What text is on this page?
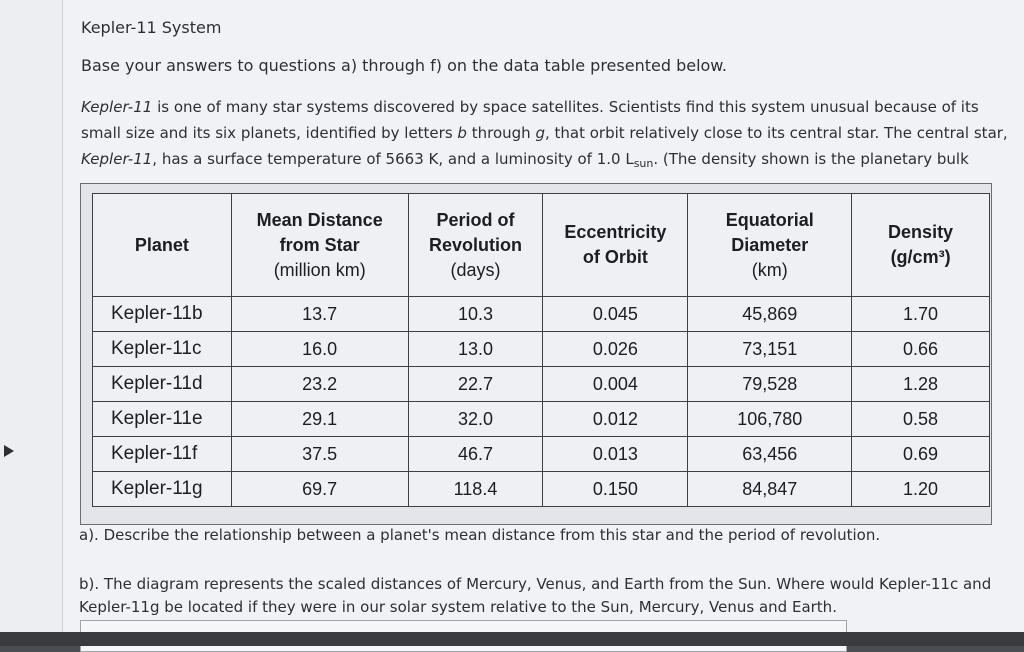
Kepler-11 System
Base your answers to questions a) through f) on the data table presented below.
Kepler-11 is one of many star systems discovered by space satellites. Scientists find this system unusual because of its small size and its six planets, identified by letters b through g, that orbit relatively close to its central star. The central star, Kepler-11, has a surface temperature of 5663 K, and a luminosity of 1.0 $L_{sun}$. (The density shown is the planetary bulk
Planet	Mean Distance
from Star
(million km)	Period of
Revolution
(days)	Eccentricity
of Orbit	Equatorial
Diameter
(km)	Density
(g/cm³)
Kepler-11b	13.7	10.3	0.045	45,869	1.70
Kepler-11c	16.0	13.0	0.026	73,151	0.66
Kepler-11d	23.2	22.7	0.004	79,528	1.28
Kepler-11e	29.1	32.0	0.012	106,780	0.58
Kepler-11f	37.5	46.7	0.013	63,456	0.69
Kepler-11g	69.7	118.4	0.150	84,847	1.20
a). Describe the relationship between a planet's mean distance from this star and the period of revolution.
b). The diagram represents the scaled distances of Mercury, Venus, and Earth from the Sun. Where would Kepler-11c and
Kepler-11g be located if they were in our solar system relative to the Sun, Mercury, Venus and Earth.
